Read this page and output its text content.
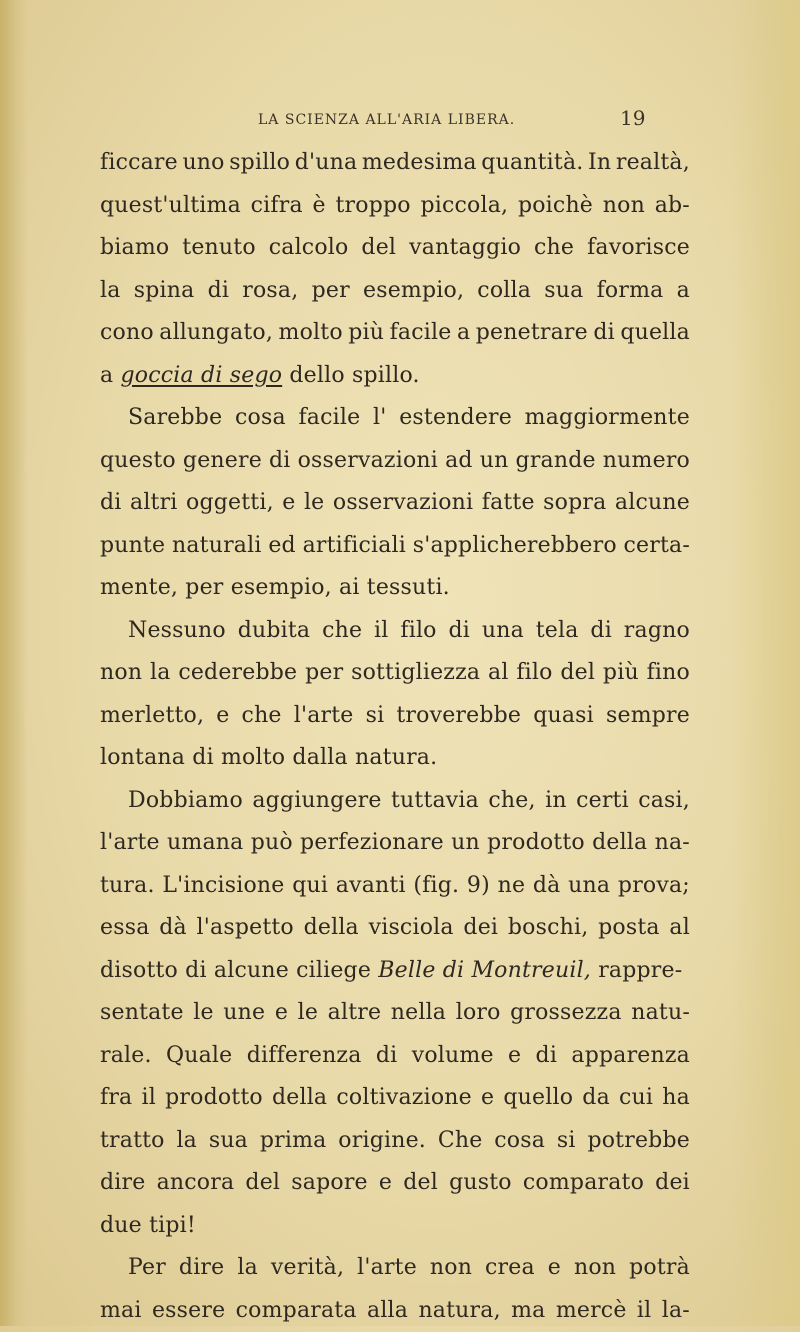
LA SCIENZA ALL'ARIA LIBERA.	19
ficcare uno spillo d'una medesima quantità. In realtà,
quest'ultima cifra è troppo piccola, poichè non ab-
biamo tenuto calcolo del vantaggio che favorisce
la spina di rosa, per esempio, colla sua forma a
cono allungato, molto più facile a penetrare di quella
a goccia di sego dello spillo.
Sarebbe cosa facile l' estendere maggiormente
questo genere di osservazioni ad un grande numero
di altri oggetti, e le osservazioni fatte sopra alcune
punte naturali ed artificiali s'applicherebbero certa-
mente, per esempio, ai tessuti.
Nessuno dubita che il filo di una tela di ragno
non la cederebbe per sottigliezza al filo del più fino
merletto, e che l'arte si troverebbe quasi sempre
lontana di molto dalla natura.
Dobbiamo aggiungere tuttavia che, in certi casi,
l'arte umana può perfezionare un prodotto della na-
tura. L'incisione qui avanti (fig. 9) ne dà una prova;
essa dà l'aspetto della visciola dei boschi, posta al
disotto di alcune ciliege Belle di Montreuil, rappre-
sentate le une e le altre nella loro grossezza natu-
rale. Quale differenza di volume e di apparenza
fra il prodotto della coltivazione e quello da cui ha
tratto la sua prima origine. Che cosa si potrebbe
dire ancora del sapore e del gusto comparato dei
due tipi!
Per dire la verità, l'arte non crea e non potrà
mai essere comparata alla natura, ma mercè il la-
